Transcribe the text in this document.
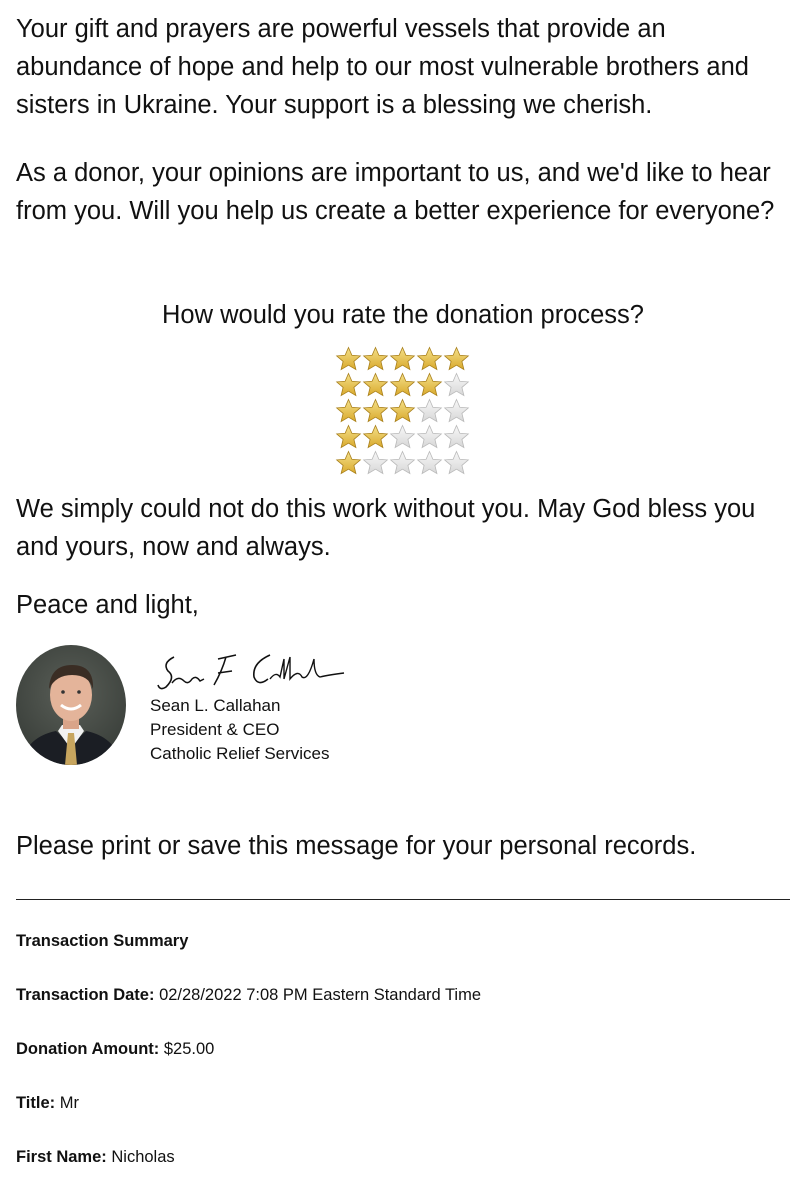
Your gift and prayers are powerful vessels that provide an abundance of hope and help to our most vulnerable brothers and sisters in Ukraine. Your support is a blessing we cherish.

As a donor, your opinions are important to us, and we'd like to hear from you. Will you help us create a better experience for everyone?

How would you rate the donation process?

We simply could not do this work without you. May God bless you and yours, now and always.

Peace and light,

Sean L. Callahan
President & CEO
Catholic Relief Services

Please print or save this message for your personal records.

Transaction Summary
Transaction Date: 02/28/2022 7:08 PM Eastern Standard Time
Donation Amount: $25.00
Title: Mr
First Name: Nicholas
